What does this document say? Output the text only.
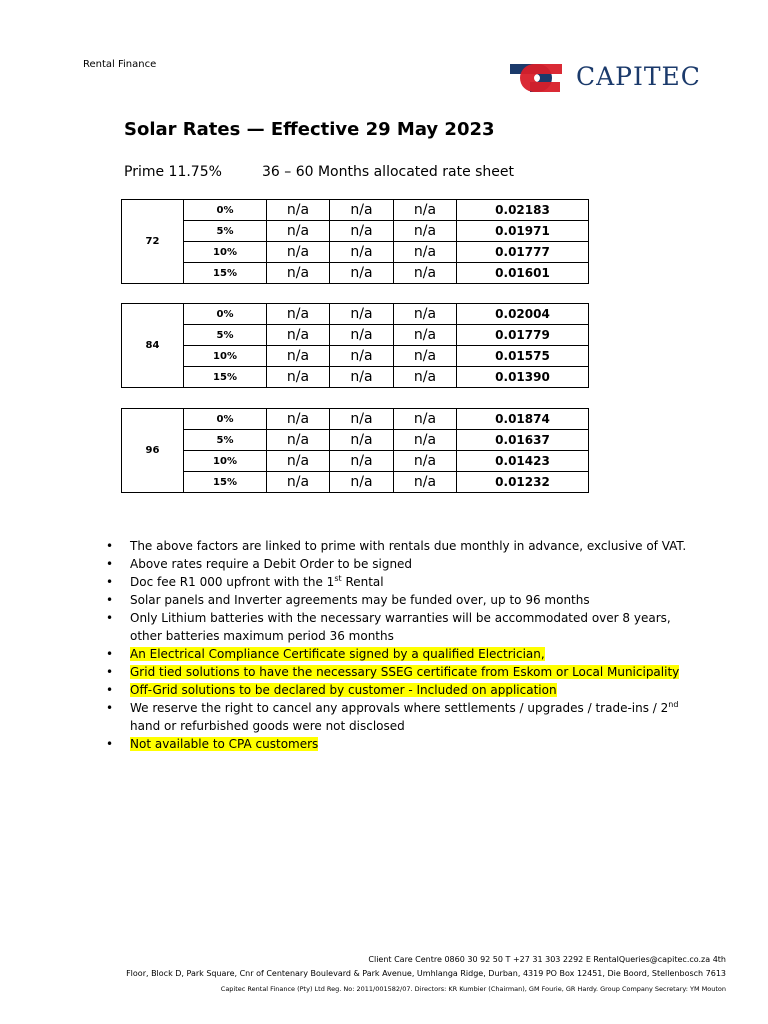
Rental Finance	CAPITEC
Solar Rates — Effective 29 May 2023
Prime 11.75%	36 – 60 Months allocated rate sheet
72	0%	n/a	n/a	n/a	0.02183
	5%	n/a	n/a	n/a	0.01971
	10%	n/a	n/a	n/a	0.01777
	15%	n/a	n/a	n/a	0.01601
84	0%	n/a	n/a	n/a	0.02004
	5%	n/a	n/a	n/a	0.01779
	10%	n/a	n/a	n/a	0.01575
	15%	n/a	n/a	n/a	0.01390
96	0%	n/a	n/a	n/a	0.01874
	5%	n/a	n/a	n/a	0.01637
	10%	n/a	n/a	n/a	0.01423
	15%	n/a	n/a	n/a	0.01232
•	The above factors are linked to prime with rentals due monthly in advance, exclusive of VAT.
•	Above rates require a Debit Order to be signed
•	Doc fee R1 000 upfront with the 1st Rental
•	Solar panels and Inverter agreements may be funded over, up to 96 months
•	Only Lithium batteries with the necessary warranties will be accommodated over 8 years, other batteries maximum period 36 months
•	An Electrical Compliance Certificate signed by a qualified Electrician,
•	Grid tied solutions to have the necessary SSEG certificate from Eskom or Local Municipality
•	Off-Grid solutions to be declared by customer - Included on application
•	We reserve the right to cancel any approvals where settlements / upgrades / trade-ins / 2nd hand or refurbished goods were not disclosed
•	Not available to CPA customers
Client Care Centre 0860 30 92 50 T +27 31 303 2292 E RentalQueries@capitec.co.za 4th
Floor, Block D, Park Square, Cnr of Centenary Boulevard & Park Avenue, Umhlanga Ridge, Durban, 4319 PO Box 12451, Die Boord, Stellenbosch 7613
Capitec Rental Finance (Pty) Ltd Reg. No: 2011/001582/07. Directors: KR Kumbier (Chairman), GM Fourie, GR Hardy. Group Company Secretary: YM Mouton
